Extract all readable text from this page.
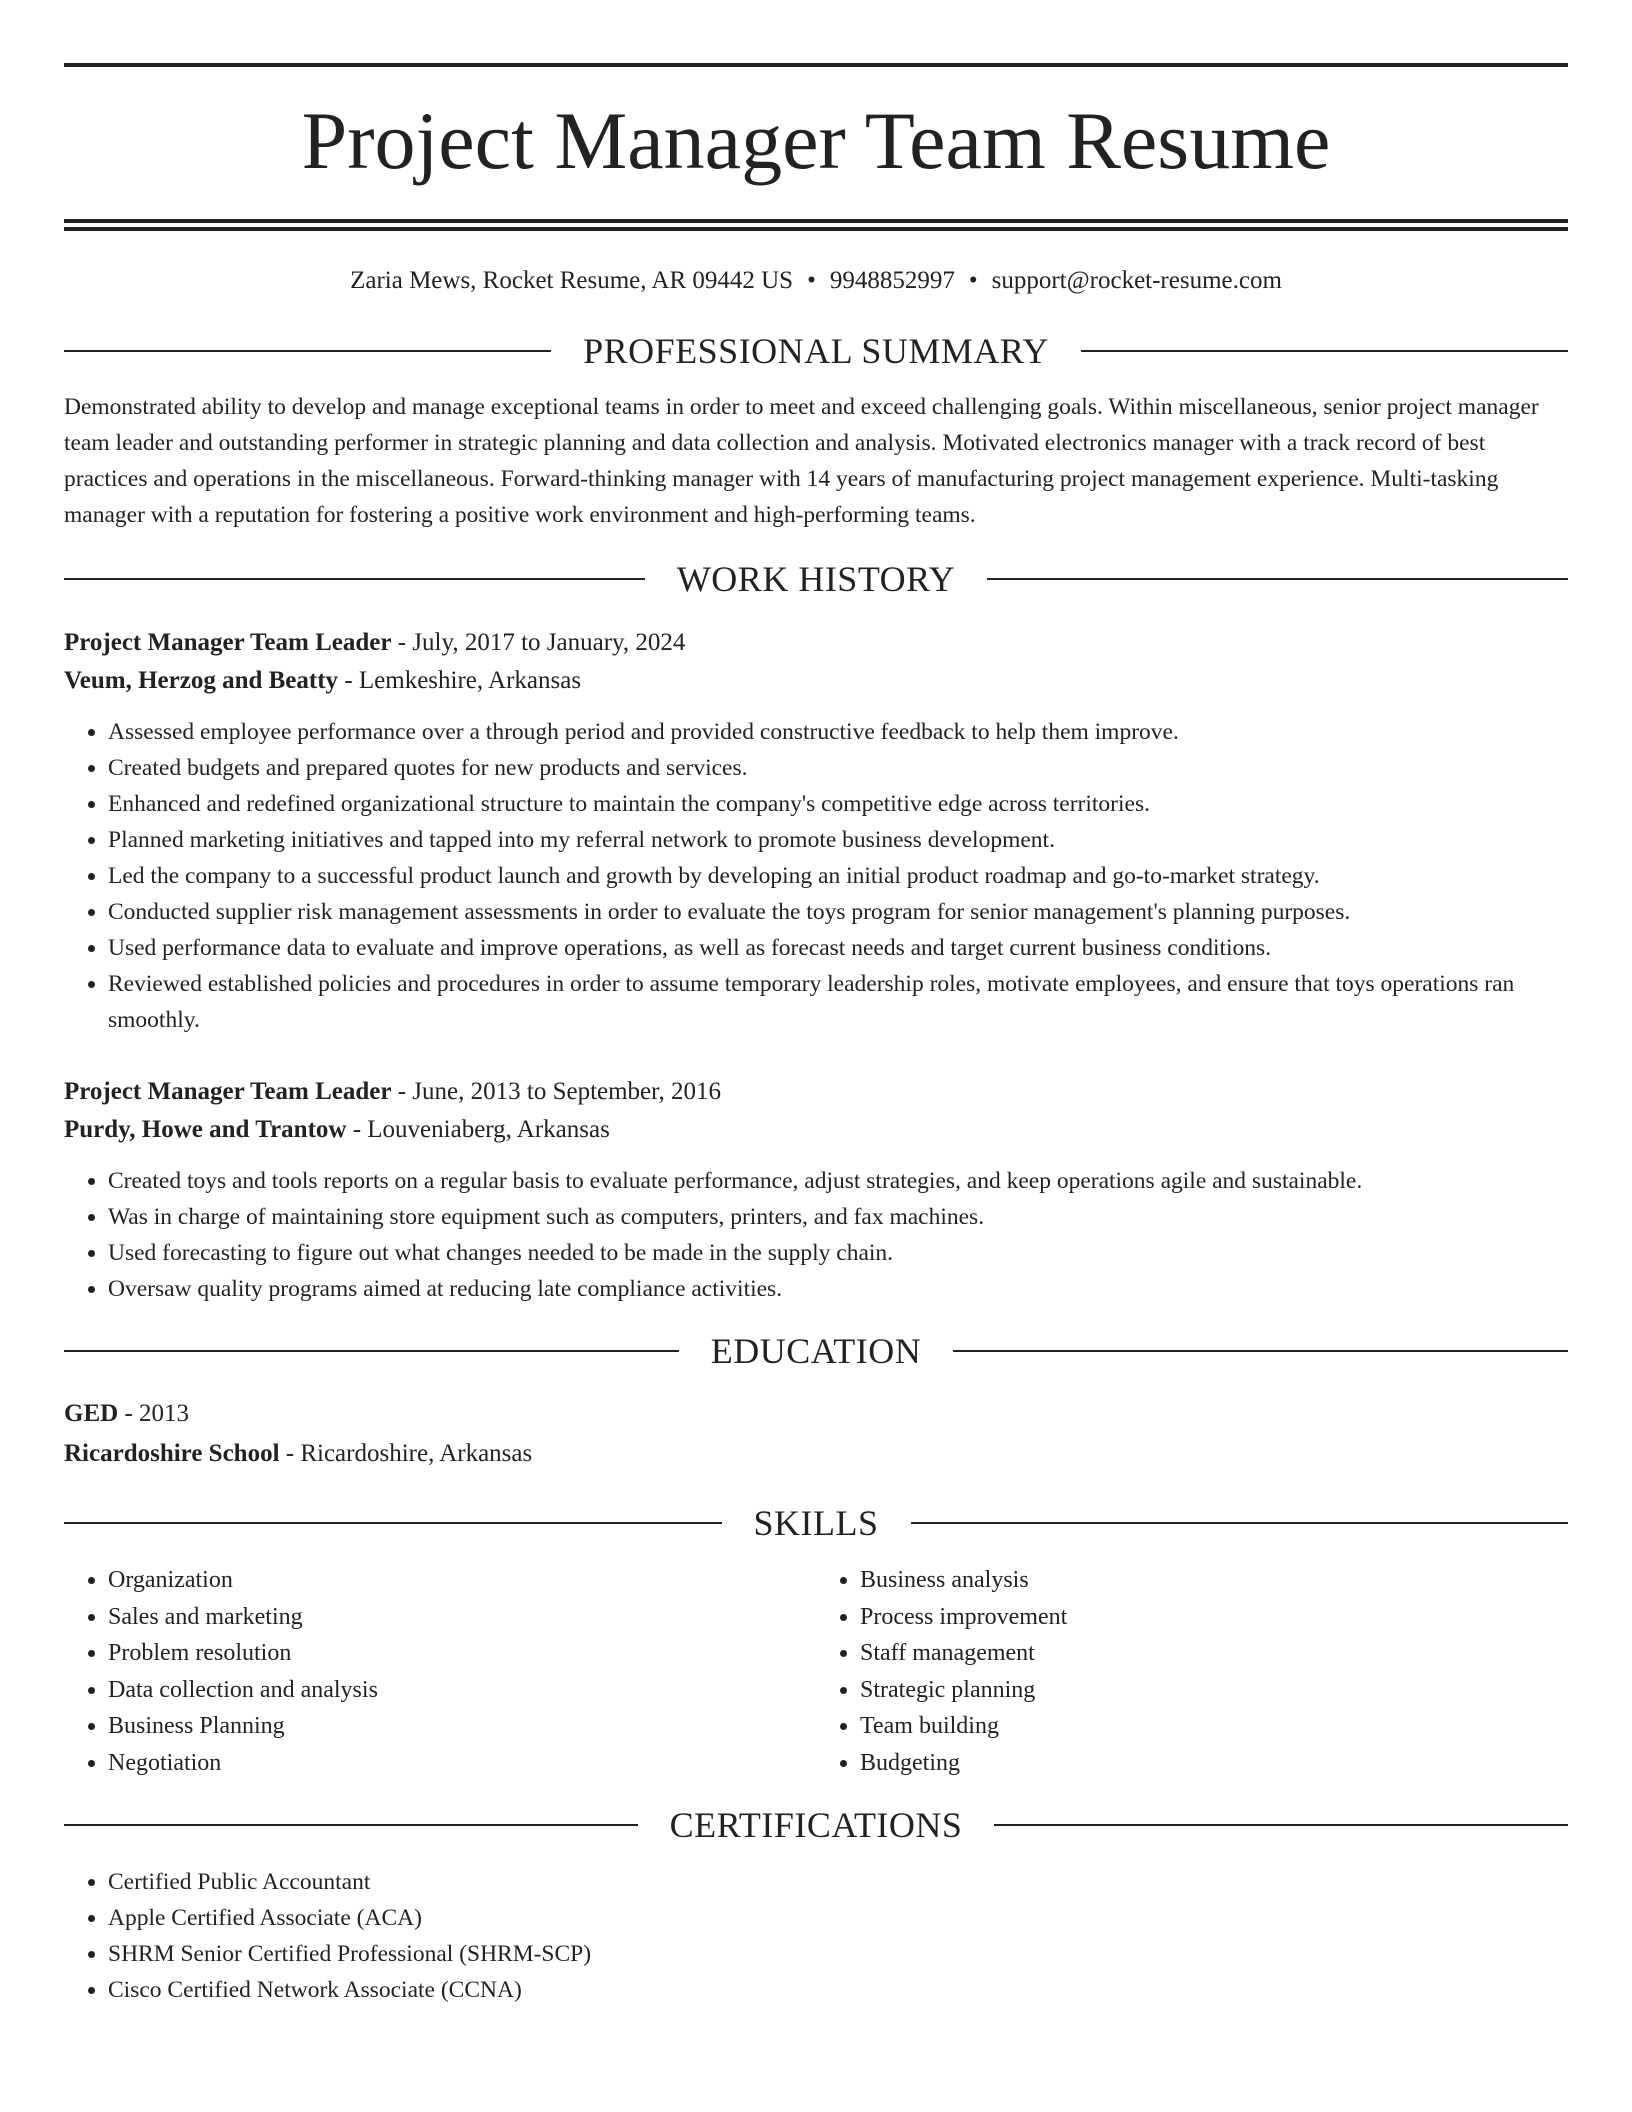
Project Manager Team Resume
Zaria Mews, Rocket Resume, AR 09442 US • 9948852997 • support@rocket-resume.com
PROFESSIONAL SUMMARY

Demonstrated ability to develop and manage exceptional teams in order to meet and exceed challenging goals. Within miscellaneous, senior project manager team leader and outstanding performer in strategic planning and data collection and analysis. Motivated electronics manager with a track record of best practices and operations in the miscellaneous. Forward-thinking manager with 14 years of manufacturing project management experience. Multi-tasking manager with a reputation for fostering a positive work environment and high-performing teams.

WORK HISTORY
Project Manager Team Leader - July, 2017 to January, 2024
Veum, Herzog and Beatty - Lemkeshire, Arkansas
• Assessed employee performance over a through period and provided constructive feedback to help them improve.
• Created budgets and prepared quotes for new products and services.
• Enhanced and redefined organizational structure to maintain the company's competitive edge across territories.
• Planned marketing initiatives and tapped into my referral network to promote business development.
• Led the company to a successful product launch and growth by developing an initial product roadmap and go-to-market strategy.
• Conducted supplier risk management assessments in order to evaluate the toys program for senior management's planning purposes.
• Used performance data to evaluate and improve operations, as well as forecast needs and target current business conditions.
• Reviewed established policies and procedures in order to assume temporary leadership roles, motivate employees, and ensure that toys operations ran smoothly.
Project Manager Team Leader - June, 2013 to September, 2016
Purdy, Howe and Trantow - Louveniaberg, Arkansas
• Created toys and tools reports on a regular basis to evaluate performance, adjust strategies, and keep operations agile and sustainable.
• Was in charge of maintaining store equipment such as computers, printers, and fax machines.
• Used forecasting to figure out what changes needed to be made in the supply chain.
• Oversaw quality programs aimed at reducing late compliance activities.
EDUCATION
GED - 2013
Ricardoshire School - Ricardoshire, Arkansas
SKILLS
• Organization
• Sales and marketing
• Problem resolution
• Data collection and analysis
• Business Planning
• Negotiation
• Business analysis
• Process improvement
• Staff management
• Strategic planning
• Team building
• Budgeting
CERTIFICATIONS
• Certified Public Accountant
• Apple Certified Associate (ACA)
• SHRM Senior Certified Professional (SHRM-SCP)
• Cisco Certified Network Associate (CCNA)
